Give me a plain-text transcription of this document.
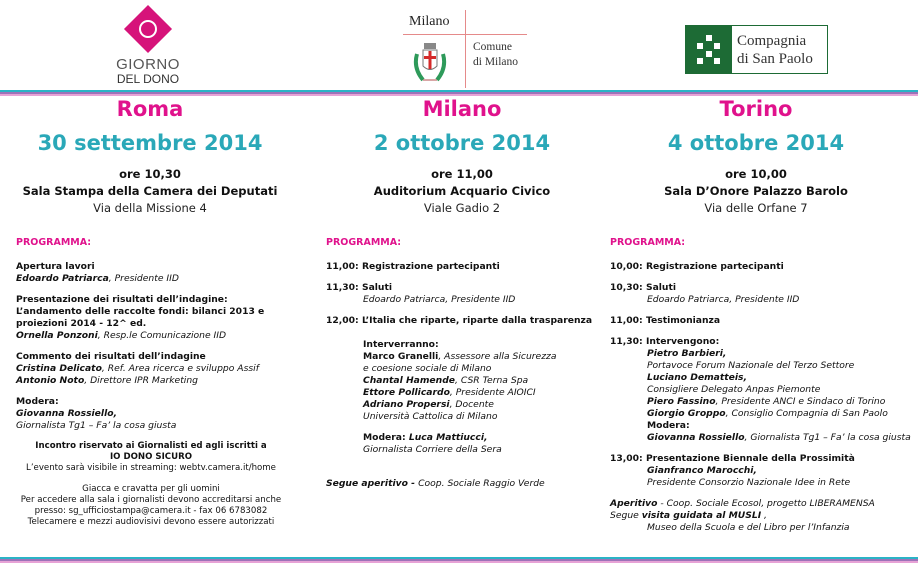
GIORNO
DEL DONO
Milano
Comune
di Milano
Compagnia
di San Paolo
Roma
30 settembre 2014
ore 10,30
Sala Stampa della Camera dei Deputati
Via della Missione 4
Milano
2 ottobre 2014
ore 11,00
Auditorium Acquario Civico
Viale Gadio 2
Torino
4 ottobre 2014
ore 10,00
Sala D’Onore Palazzo Barolo
Via delle Orfane 7
PROGRAMMA:
Apertura lavori
Edoardo Patriarca, Presidente IID
Presentazione dei risultati dell’indagine:
L’andamento delle raccolte fondi: bilanci 2013 e
proiezioni 2014 - 12^ ed.
Ornella Ponzoni, Resp.le Comunicazione IID
Commento dei risultati dell’indagine
Cristina Delicato, Ref. Area ricerca e sviluppo Assif
Antonio Noto, Direttore IPR Marketing
Modera:
Giovanna Rossiello,
Giornalista Tg1 – Fa’ la cosa giusta
Incontro riservato ai Giornalisti ed agli iscritti a
IO DONO SICURO
L’evento sarà visibile in streaming: webtv.camera.it/home
Giacca e cravatta per gli uomini
Per accedere alla sala i giornalisti devono accreditarsi anche
presso: sg_ufficiostampa@camera.it - fax 06 6783082
Telecamere e mezzi audiovisivi devono essere autorizzati
PROGRAMMA:
11,00: Registrazione partecipanti
11,30: Saluti
Edoardo Patriarca, Presidente IID
12,00: L’Italia che riparte, riparte dalla trasparenza
Interverranno:
Marco Granelli, Assessore alla Sicurezza
e coesione sociale di Milano
Chantal Hamende, CSR Terna Spa
Ettore Pollicardo, Presidente AIOICI
Adriano Propersi, Docente
Università Cattolica di Milano
Modera: Luca Mattiucci,
Giornalista Corriere della Sera
Segue aperitivo - Coop. Sociale Raggio Verde
PROGRAMMA:
10,00: Registrazione partecipanti
10,30: Saluti
Edoardo Patriarca, Presidente IID
11,00: Testimonianza
11,30: Intervengono:
Pietro Barbieri,
Portavoce Forum Nazionale del Terzo Settore
Luciano Dematteis,
Consigliere Delegato Anpas Piemonte
Piero Fassino, Presidente ANCI e Sindaco di Torino
Giorgio Groppo, Consiglio Compagnia di San Paolo
Modera:
Giovanna Rossiello, Giornalista Tg1 – Fa’ la cosa giusta
13,00: Presentazione Biennale della Prossimità
Gianfranco Marocchi,
Presidente Consorzio Nazionale Idee in Rete
Aperitivo - Coop. Sociale Ecosol, progetto LIBERAMENSA
Segue visita guidata al MUSLI ,
Museo della Scuola e del Libro per l’Infanzia
